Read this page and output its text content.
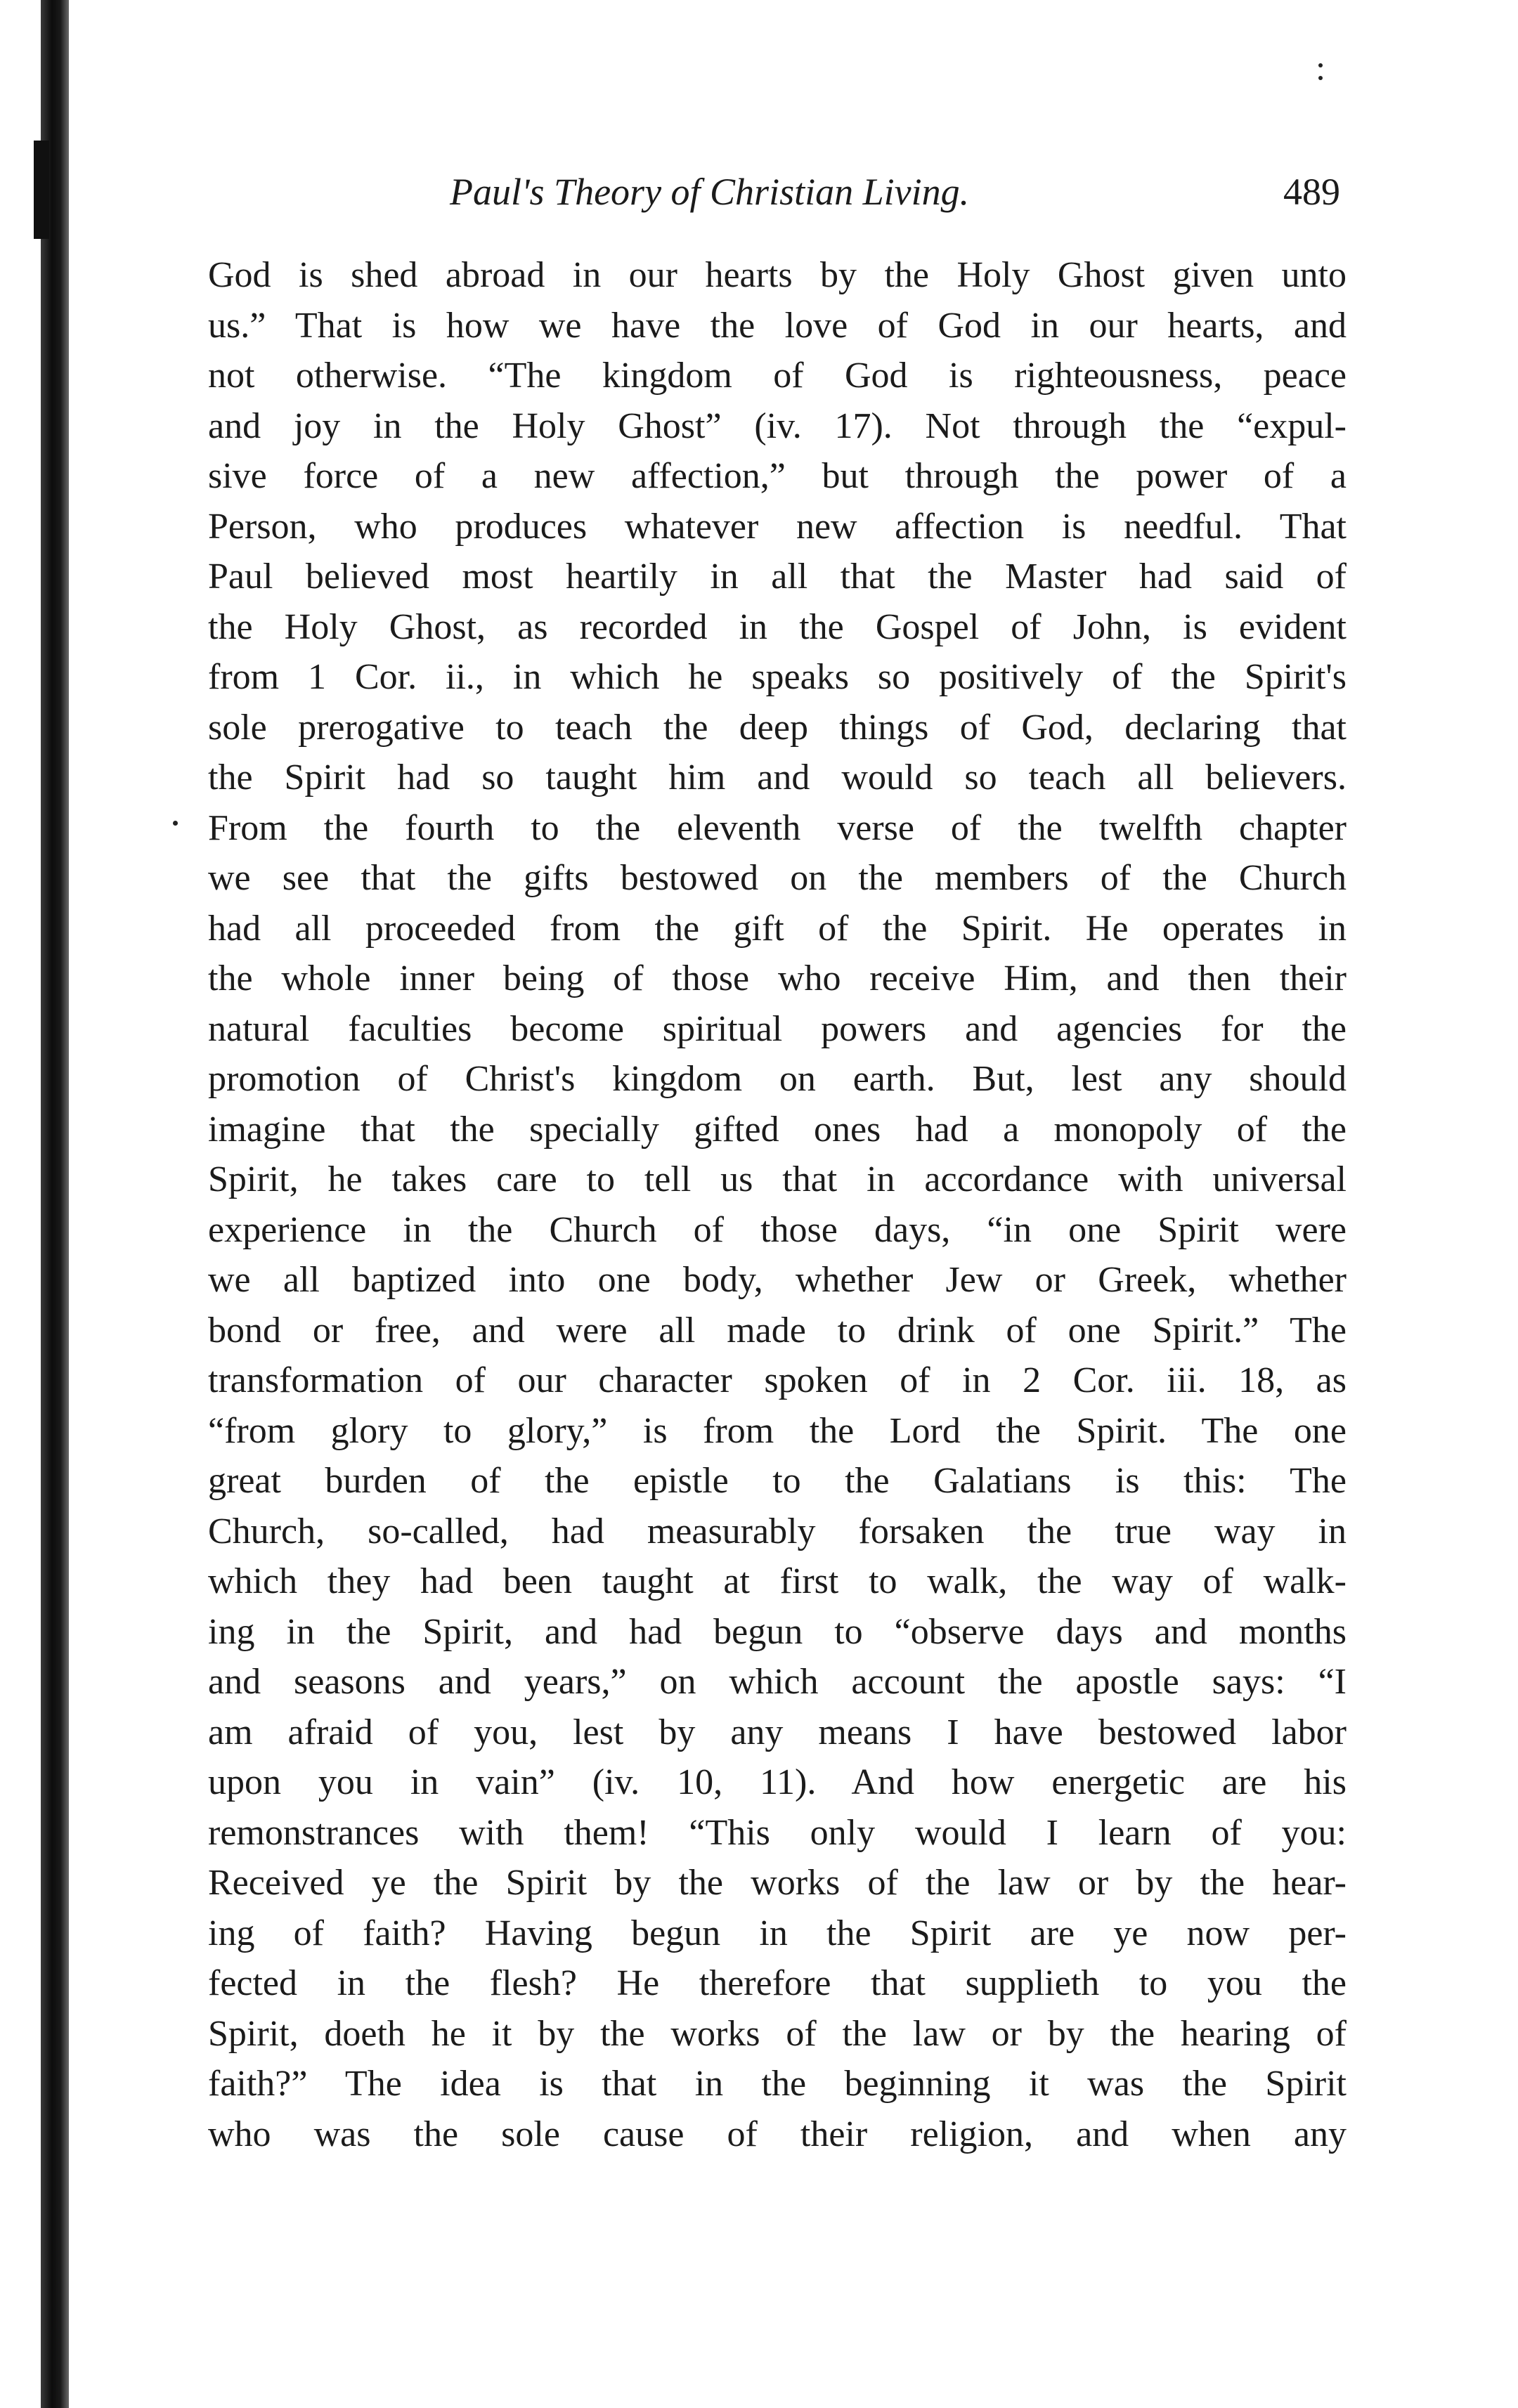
Paul's Theory of Christian Living.	489
God is shed abroad in our hearts by the Holy Ghost given unto
us.” That is how we have the love of God in our hearts, and
not otherwise. “The kingdom of God is righteousness, peace
and joy in the Holy Ghost” (iv. 17). Not through the “expul-
sive force of a new affection,” but through the power of a
Person, who produces whatever new affection is needful. That
Paul believed most heartily in all that the Master had said of
the Holy Ghost, as recorded in the Gospel of John, is evident
from 1 Cor. ii., in which he speaks so positively of the Spirit's
sole prerogative to teach the deep things of God, declaring that
the Spirit had so taught him and would so teach all believers.
From the fourth to the eleventh verse of the twelfth chapter
we see that the gifts bestowed on the members of the Church
had all proceeded from the gift of the Spirit. He operates in
the whole inner being of those who receive Him, and then their
natural faculties become spiritual powers and agencies for the
promotion of Christ's kingdom on earth. But, lest any should
imagine that the specially gifted ones had a monopoly of the
Spirit, he takes care to tell us that in accordance with universal
experience in the Church of those days, “in one Spirit were
we all baptized into one body, whether Jew or Greek, whether
bond or free, and were all made to drink of one Spirit.” The
transformation of our character spoken of in 2 Cor. iii. 18, as
“from glory to glory,” is from the Lord the Spirit. The one
great burden of the epistle to the Galatians is this: The
Church, so-called, had measurably forsaken the true way in
which they had been taught at first to walk, the way of walk-
ing in the Spirit, and had begun to “observe days and months
and seasons and years,” on which account the apostle says: “I
am afraid of you, lest by any means I have bestowed labor
upon you in vain” (iv. 10, 11). And how energetic are his
remonstrances with them! “This only would I learn of you:
Received ye the Spirit by the works of the law or by the hear-
ing of faith? Having begun in the Spirit are ye now per-
fected in the flesh? He therefore that supplieth to you the
Spirit, doeth he it by the works of the law or by the hearing of
faith?” The idea is that in the beginning it was the Spirit
who was the sole cause of their religion, and when any
